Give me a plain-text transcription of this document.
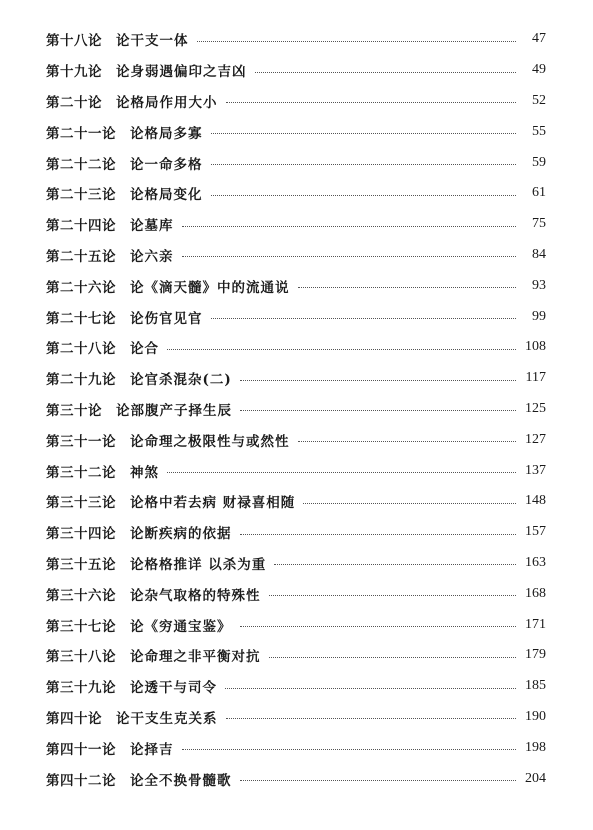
第十八论 论干支一体	47
第十九论 论身弱遇偏印之吉凶	49
第二十论 论格局作用大小	52
第二十一论 论格局多寡	55
第二十二论 论一命多格	59
第二十三论 论格局变化	61
第二十四论 论墓库	75
第二十五论 论六亲	84
第二十六论 论《滴天髓》中的流通说	93
第二十七论 论伤官见官	99
第二十八论 论合	108
第二十九论 论官杀混杂(二)	117
第三十论 论部腹产子择生辰	125
第三十一论 论命理之极限性与或然性	127
第三十二论 神煞	137
第三十三论 论格中若去病 财禄喜相随	148
第三十四论 论断疾病的依据	157
第三十五论 论格格推详 以杀为重	163
第三十六论 论杂气取格的特殊性	168
第三十七论 论《穷通宝鉴》	171
第三十八论 论命理之非平衡对抗	179
第三十九论 论透干与司令	185
第四十论 论干支生克关系	190
第四十一论 论择吉	198
第四十二论 论全不换骨髓歌	204
